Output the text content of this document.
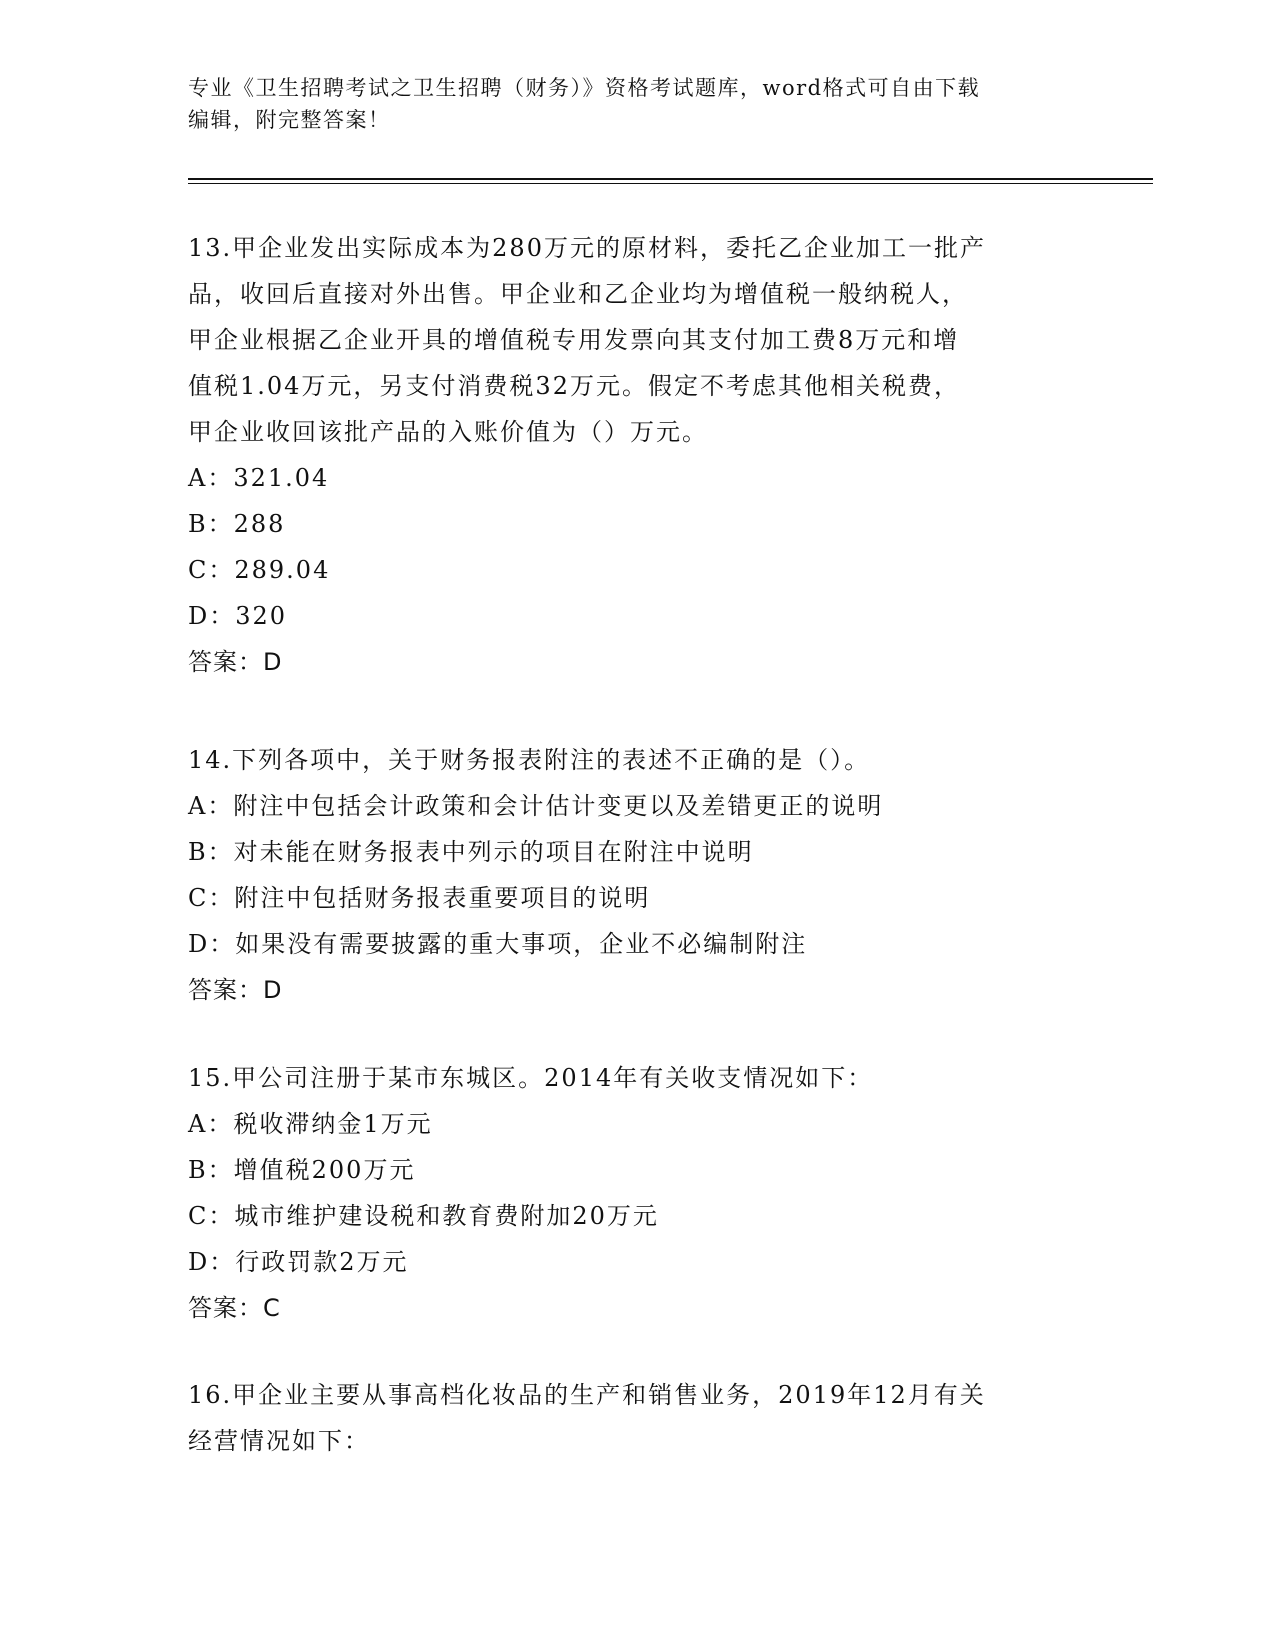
专业《卫生招聘考试之卫生招聘（财务）》资格考试题库，word格式可自由下载
编辑，附完整答案！

13.甲企业发出实际成本为280万元的原材料，委托乙企业加工一批产

品，收回后直接对外出售。甲企业和乙企业均为增值税一般纳税人，

甲企业根据乙企业开具的增值税专用发票向其支付加工费8万元和增

值税1.04万元，另支付消费税32万元。假定不考虑其他相关税费，

甲企业收回该批产品的入账价值为（）万元。

A：321.04

B：288

C：289.04

D：320

答案：D

14.下列各项中，关于财务报表附注的表述不正确的是（）。

A：附注中包括会计政策和会计估计变更以及差错更正的说明

B：对未能在财务报表中列示的项目在附注中说明

C：附注中包括财务报表重要项目的说明

D：如果没有需要披露的重大事项，企业不必编制附注

答案：D

15.甲公司注册于某市东城区。2014年有关收支情况如下：

A：税收滞纳金1万元

B：增值税200万元

C：城市维护建设税和教育费附加20万元

D：行政罚款2万元

答案：C

16.甲企业主要从事高档化妆品的生产和销售业务，2019年12月有关

经营情况如下：
